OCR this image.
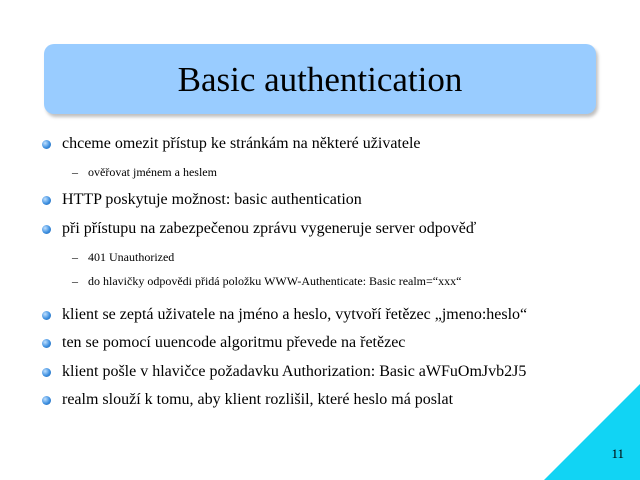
Basic authentication
chceme omezit přístup ke stránkám na některé uživatele
– ověřovat jménem a heslem
HTTP poskytuje možnost: basic authentication
při přístupu na zabezpečenou zprávu vygeneruje server odpověď
– 401 Unauthorized
– do hlavičky odpovědi přidá položku WWW-Authenticate: Basic realm=“xxx“
klient se zeptá uživatele na jméno a heslo, vytvoří řetězec „jmeno:heslo“
ten se pomocí uuencode algoritmu převede na řetězec
klient pošle v hlavičce požadavku Authorization: Basic aWFuOmJvb2J5
realm slouží k tomu, aby klient rozlišil, které heslo má poslat
11
